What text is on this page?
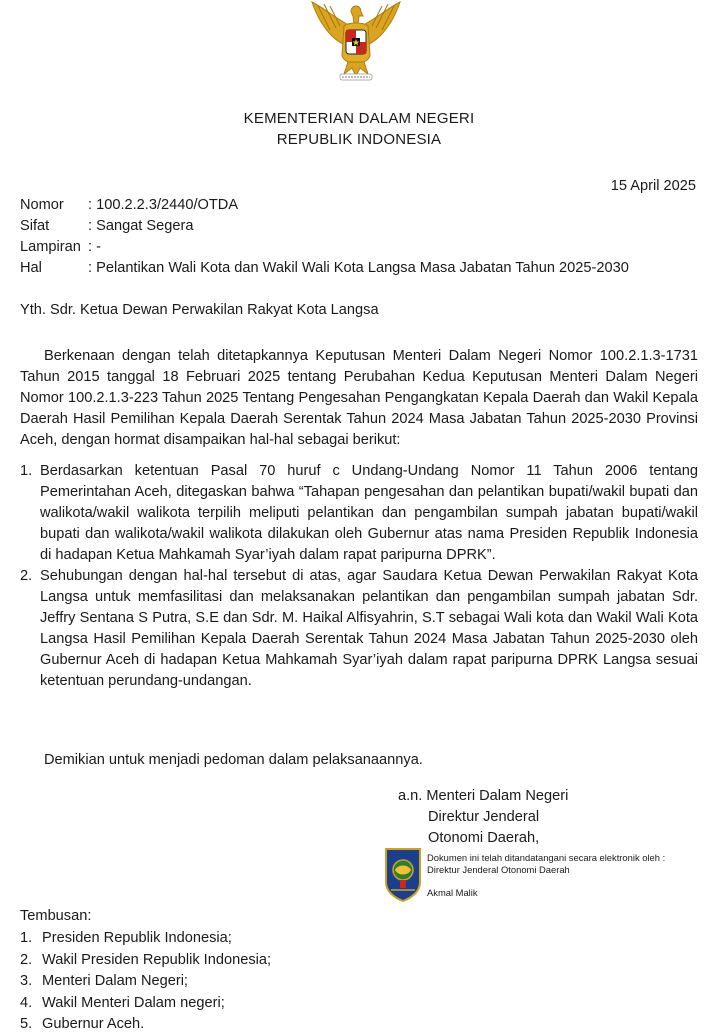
KEMENTERIAN DALAM NEGERI
REPUBLIK INDONESIA
15 April 2025
Nomor	: 100.2.2.3/2440/OTDA
Sifat	: Sangat Segera
Lampiran : -
Hal	: Pelantikan Wali Kota dan Wakil Wali Kota Langsa Masa Jabatan Tahun 2025-2030
Yth. Sdr. Ketua Dewan Perwakilan Rakyat Kota Langsa

Berkenaan dengan telah ditetapkannya Keputusan Menteri Dalam Negeri Nomor 100.2.1.3-1731 Tahun 2015 tanggal 18 Februari 2025 tentang Perubahan Kedua Keputusan Menteri Dalam Negeri Nomor 100.2.1.3-223 Tahun 2025 Tentang Pengesahan Pengangkatan Kepala Daerah dan Wakil Kepala Daerah Hasil Pemilihan Kepala Daerah Serentak Tahun 2024 Masa Jabatan Tahun 2025-2030 Provinsi Aceh, dengan hormat disampaikan hal-hal sebagai berikut:

1. Berdasarkan ketentuan Pasal 70 huruf c Undang-Undang Nomor 11 Tahun 2006 tentang Pemerintahan Aceh, ditegaskan bahwa “Tahapan pengesahan dan pelantikan bupati/wakil bupati dan walikota/wakil walikota terpilih meliputi pelantikan dan pengambilan sumpah jabatan bupati/wakil bupati dan walikota/wakil walikota dilakukan oleh Gubernur atas nama Presiden Republik Indonesia di hadapan Ketua Mahkamah Syar’iyah dalam rapat paripurna DPRK”.
2. Sehubungan dengan hal-hal tersebut di atas, agar Saudara Ketua Dewan Perwakilan Rakyat Kota Langsa untuk memfasilitasi dan melaksanakan pelantikan dan pengambilan sumpah jabatan Sdr. Jeffry Sentana S Putra, S.E dan Sdr. M. Haikal Alfisyahrin, S.T sebagai Wali kota dan Wakil Wali Kota Langsa Hasil Pemilihan Kepala Daerah Serentak Tahun 2024 Masa Jabatan Tahun 2025-2030 oleh Gubernur Aceh di hadapan Ketua Mahkamah Syar’iyah dalam rapat paripurna DPRK Langsa sesuai ketentuan perundang-undangan.
Demikian untuk menjadi pedoman dalam pelaksanaannya.
a.n. Menteri Dalam Negeri
Direktur Jenderal
Otonomi Daerah,
Dokumen ini telah ditandatangani secara elektronik oleh :
Direktur Jenderal Otonomi Daerah
Akmal Malik
Tembusan:
1. Presiden Republik Indonesia;
2. Wakil Presiden Republik Indonesia;
3. Menteri Dalam Negeri;
4. Wakil Menteri Dalam negeri;
5. Gubernur Aceh.
